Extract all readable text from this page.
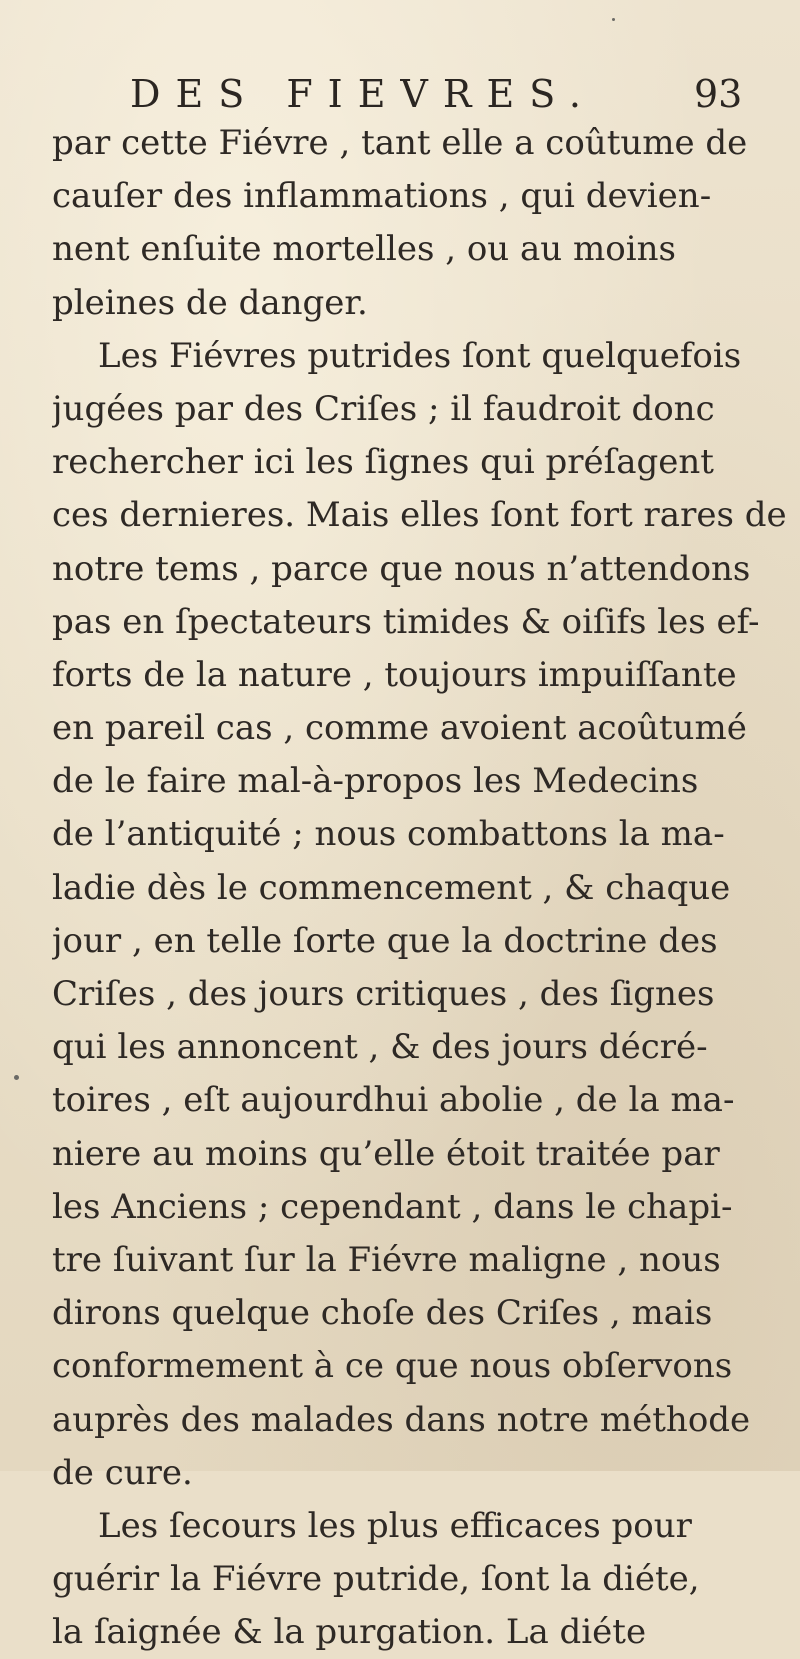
DES FIEVRES.	93
par cette Fiévre , tant elle a coûtume de
cauſer des inflammations , qui devien-
nent enſuite mortelles , ou au moins
pleines de danger.
Les Fiévres putrides ſont quelquefois
jugées par des Criſes ; il faudroit donc
rechercher ici les ſignes qui préſagent
ces dernieres. Mais elles ſont fort rares de
notre tems , parce que nous n’attendons
pas en ſpectateurs timides & oiſifs les ef-
forts de la nature , toujours impuiſſante
en pareil cas , comme avoient acoûtumé
de le faire mal-à-propos les Medecins
de l’antiquité ; nous combattons la ma-
ladie dès le commencement , & chaque
jour , en telle ſorte que la doctrine des
Criſes , des jours critiques , des ſignes
qui les annoncent , & des jours décré-
toires , eſt aujourdhui abolie , de la ma-
niere au moins qu’elle étoit traitée par
les Anciens ; cependant , dans le chapi-
tre ſuivant ſur la Fiévre maligne , nous
dirons quelque choſe des Criſes , mais
conformement à ce que nous obſervons
auprès des malades dans notre méthode
de cure.
Les ſecours les plus efficaces pour
guérir la Fiévre putride, ſont la diéte,
la ſaignée & la purgation. La diéte
